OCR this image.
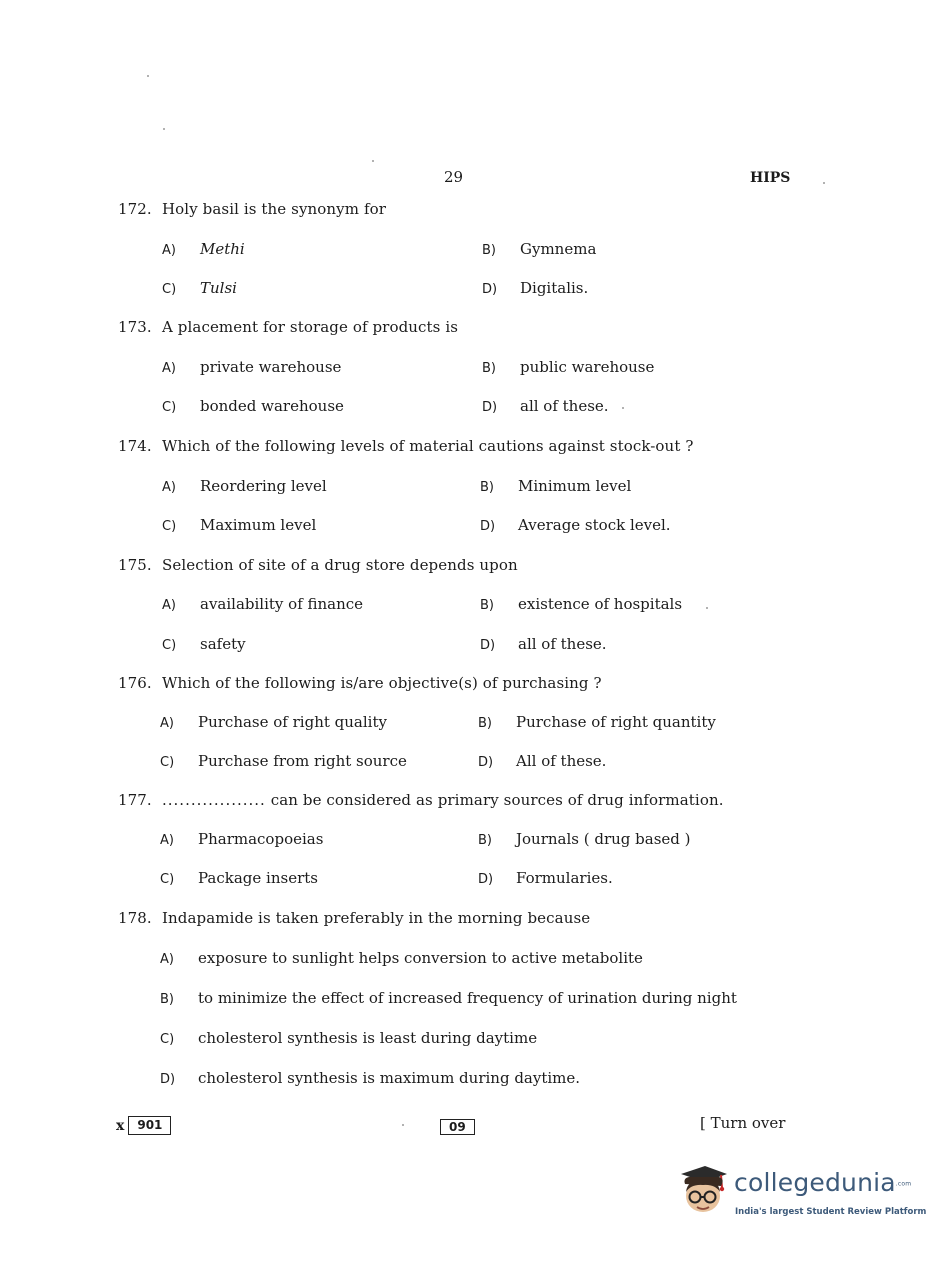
29	HIPS
172. Holy basil is the synonym for
A) Methi	B) Gymnema
C) Tulsi	D) Digitalis.
173. A placement for storage of products is
A) private warehouse	B) public warehouse
C) bonded warehouse	D) all of these.
174. Which of the following levels of material cautions against stock-out ?
A) Reordering level	B) Minimum level
C) Maximum level	D) Average stock level.
175. Selection of site of a drug store depends upon
A) availability of finance	B) existence of hospitals
C) safety	D) all of these.
176. Which of the following is/are objective(s) of purchasing ?
A) Purchase of right quality	B) Purchase of right quantity
C) Purchase from right source	D) All of these.
177. .................. can be considered as primary sources of drug information.
A) Pharmacopoeias	B) Journals ( drug based )
C) Package inserts	D) Formularies.
178. Indapamide is taken preferably in the morning because
A) exposure to sunlight helps conversion to active metabolite
B) to minimize the effect of increased frequency of urination during night
C) cholesterol synthesis is least during daytime
D) cholesterol synthesis is maximum during daytime.
x	901	09	[ Turn over
collegedunia.com
India's largest Student Review Platform
